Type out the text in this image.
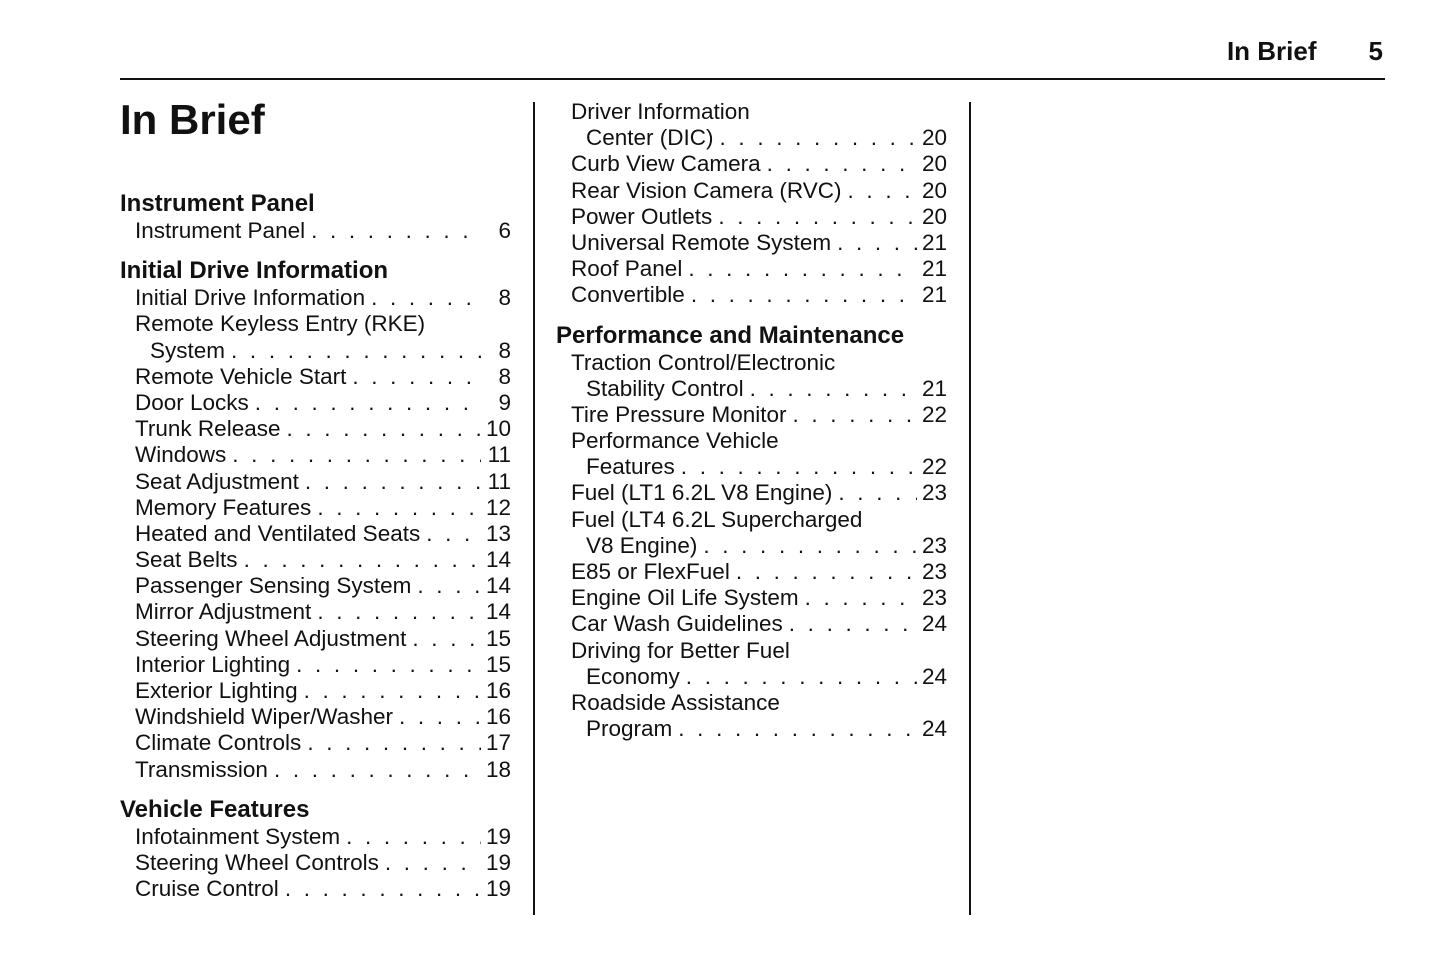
In Brief 5
In Brief
Instrument Panel
Instrument Panel . . .	6
Initial Drive Information
Initial Drive Information . . .	8
Remote Keyless Entry (RKE)
System . . .	8
Remote Vehicle Start . . .	8
Door Locks . . .	9
Trunk Release . . .	10
Windows . . .	11
Seat Adjustment . . .	11
Memory Features . . .	12
Heated and Ventilated Seats . . .	13
Seat Belts . . .	14
Passenger Sensing System . . .	14
Mirror Adjustment . . .	14
Steering Wheel Adjustment . . .	15
Interior Lighting . . .	15
Exterior Lighting . . .	16
Windshield Wiper/Washer . . .	16
Climate Controls . . .	17
Transmission . . .	18
Vehicle Features
Infotainment System . . .	19
Steering Wheel Controls . . .	19
Cruise Control . . .	19
Driver Information
Center (DIC) . . .	20
Curb View Camera . . .	20
Rear Vision Camera (RVC) . . .	20
Power Outlets . . .	20
Universal Remote System . . .	21
Roof Panel . . .	21
Convertible . . .	21
Performance and Maintenance
Traction Control/Electronic
Stability Control . . .	21
Tire Pressure Monitor . . .	22
Performance Vehicle
Features . . .	22
Fuel (LT1 6.2L V8 Engine) . . .	23
Fuel (LT4 6.2L Supercharged
V8 Engine) . . .	23
E85 or FlexFuel . . .	23
Engine Oil Life System . . .	23
Car Wash Guidelines . . .	24
Driving for Better Fuel
Economy . . .	24
Roadside Assistance
Program . . .	24
